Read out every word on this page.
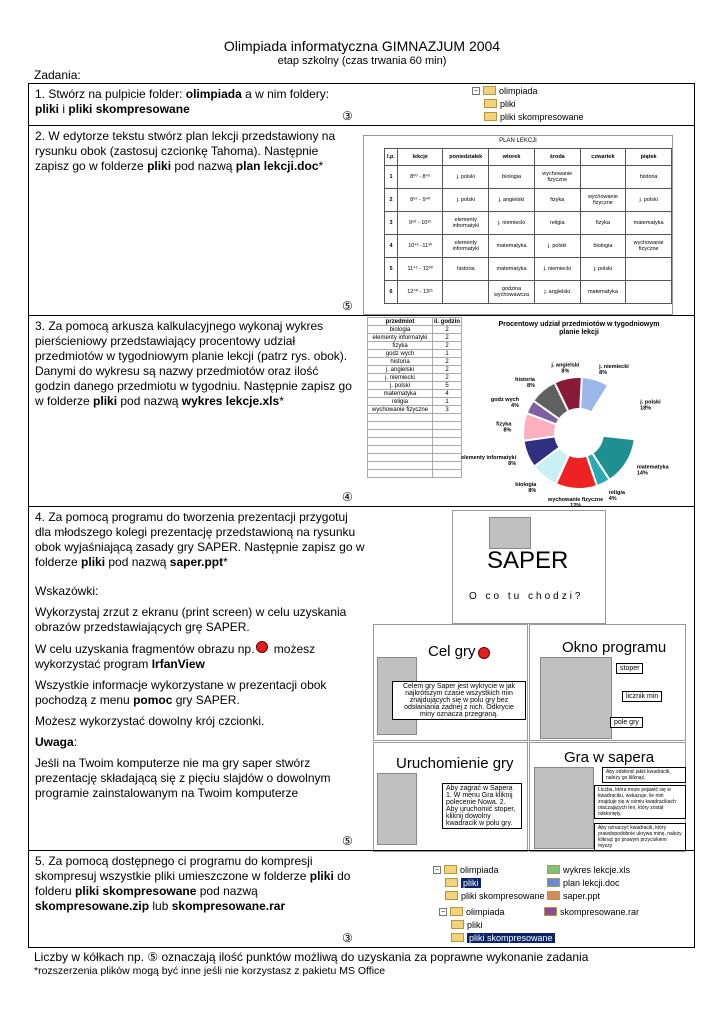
Olimpiada informatyczna GIMNAZJUM 2004
etap szkolny (czas trwania 60 min)
Zadania:
1. Stwórz na pulpicie folder: olimpiada a w nim foldery:
pliki i pliki skompresowane	③
− olimpiada
pliki
pliki skompresowane
2. W edytorze tekstu stwórz plan lekcji przedstawiony na rysunku obok (zastosuj czcionkę Tahoma). Następnie zapisz go w folderze pliki pod nazwą plan lekcji.doc*
⑤
PLAN LEKCJI
l.p.	lekcje	poniedziałek	wtorek	środa	czwartek	piątek
1	8⁰⁰ - 8⁴⁵	j. polski	biologia	wychowanie fizyczne		historia
2	8⁵⁵ - 9⁴⁰	j. polski	j. angielski	fizyka	wychowanie fizyczne	j. polski
3	9⁵⁰ - 10³⁵	elementy informatyki	j. niemiecki	religia	fizyka	matematyka
4	10⁴⁵ -11³⁰	elementy informatyki	matematyka	j. polski	biologia	wychowanie fizyczne
5	11⁴⁵ - 12³⁰	historia	matematyka	j. niemiecki	j. polski	
6	12⁴⁰ - 13²⁵		godzina wychowawcza	j. angielski	matematyka	
3. Za pomocą arkusza kalkulacyjnego wykonaj wykres pierścieniowy przedstawiający procentowy udział przedmiotów w tygodniowym planie lekcji (patrz rys. obok). Danymi do wykresu są nazwy przedmiotów oraz ilość godzin danego przedmiotu w tygodniu. Następnie zapisz go w folderze pliki pod nazwą wykres lekcje.xls*
④
przedmiot	il. godzin
biologia	2
elementy informatyki	2
fizyka	2
godz wych	1
historia	2
j. angielski	2
j. niemiecki	2
j. polski	5
matematyka	4
religia	1
wychowanie fizyczne	3

Procentowy udział przedmiotów w tygodniowym planie lekcji
j. niemiecki 8%
j. polski 18%
matematyka 14%
religia 4%
wychowanie fizyczne 12%
biologia 8%
elementy informatyki 8%
fizyka 8%
godz wych 4%
historia 8%
j. angielski 8%
4. Za pomocą programu do tworzenia prezentacji przygotuj dla młodszego kolegi prezentację przedstawioną na rysunku obok wyjaśniającą zasady gry SAPER. Następnie zapisz go w folderze pliki pod nazwą saper.ppt*
Wskazówki:
Wykorzystaj zrzut z ekranu (print screen) w celu uzyskania obrazów przedstawiających grę SAPER.
W celu uzyskania fragmentów obrazu np. możesz wykorzystać program IrfanView
Wszystkie informacje wykorzystane w prezentacji obok pochodzą z menu pomoc gry SAPER.
Możesz wykorzystać dowolny krój czcionki.
Uwaga:
Jeśli na Twoim komputerze nie ma gry saper stwórz prezentację składającą się z pięciu slajdów o dowolnym programie zainstalowanym na Twoim komputerze
⑤
SAPER
O co tu chodzi?
Cel gry
Celem gry Saper jest wykrycie w jak najkrótszym czasie wszystkich min znajdujących się w polu gry bez odsłaniania żadnej z nich. Odkrycie miny oznacza przegraną.
Okno programu
stoper
licznik min
pole gry
Uruchomienie gry
Aby zagrać w Sapera 1. W menu Gra kliknij polecenie Nowa. 2. Aby uruchomić stoper, kliknij dowolny kwadracik w polu gry.
Gra w sapera
Aby odsłonić jakiś kwadracik, należy go kliknąć.
Liczba, która może pojawić się w kwadraciku, wskazuje, ile min znajduje się w ośmiu kwadracikach otaczających ten, który został odsłonięty.
Aby oznaczyć kwadracik, który prawdopodobnie ukrywa minę, należy kliknąć go prawym przyciskiem myszy
5. Za pomocą dostępnego ci programu do kompresji skompresuj wszystkie pliki umieszczone w folderze pliki do folderu pliki skompresowane pod nazwą skompresowane.zip lub skompresowane.rar
③
− olimpiada
pliki
pliki skompresowane
wykres lekcje.xls
plan lekcji.doc
saper.ppt
− olimpiada
pliki
pliki skompresowane
skompresowane.rar
Liczby w kółkach np. ⑤ oznaczają ilość punktów możliwą do uzyskania za poprawne wykonanie zadania
*rozszerzenia plików mogą być inne jeśli nie korzystasz z pakietu MS Office
